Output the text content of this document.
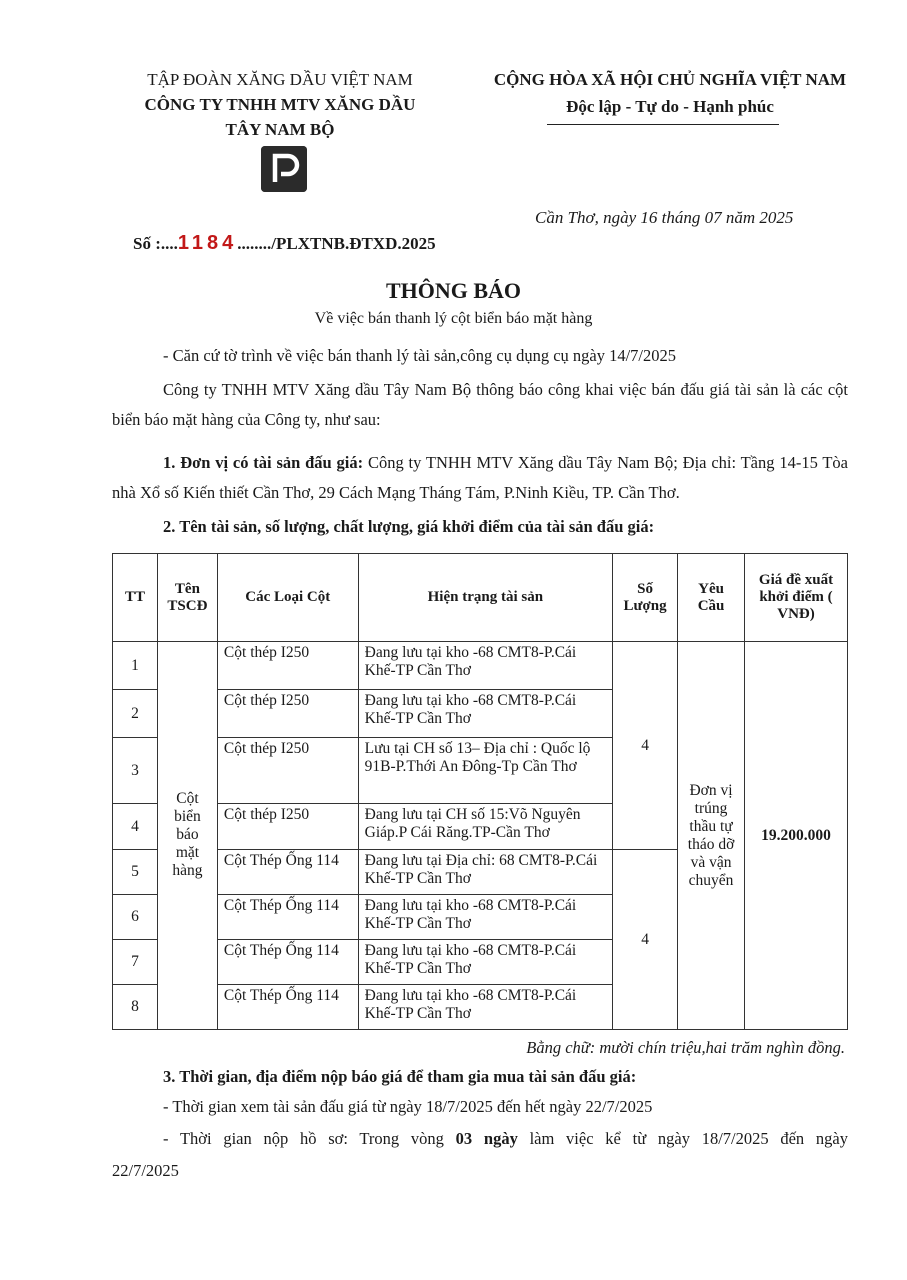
TẬP ĐOÀN XĂNG DẦU VIỆT NAM
CÔNG TY TNHH MTV XĂNG DẦU
TÂY NAM BỘ
CỘNG HÒA XÃ HỘI CHỦ NGHĨA VIỆT NAM
Độc lập - Tự do - Hạnh phúc
Số :....1184......../PLXTNB.ĐTXD.2025
Cần Thơ, ngày 16 tháng 07 năm 2025
THÔNG BÁO
Về việc bán thanh lý cột biển báo mặt hàng
- Căn cứ tờ trình về việc bán thanh lý tài sản,công cụ dụng cụ ngày 14/7/2025
Công ty TNHH MTV Xăng dầu Tây Nam Bộ thông báo công khai việc bán đấu giá tài sản là các cột biển báo mặt hàng của Công ty, như sau:
1. Đơn vị có tài sản đấu giá: Công ty TNHH MTV Xăng dầu Tây Nam Bộ; Địa chỉ: Tầng 14-15 Tòa nhà Xổ số Kiến thiết Cần Thơ, 29 Cách Mạng Tháng Tám, P.Ninh Kiều, TP. Cần Thơ.
2. Tên tài sản, số lượng, chất lượng, giá khởi điểm của tài sản đấu giá:
TT	Tên TSCĐ	Các Loại Cột	Hiện trạng tài sản	Số Lượng	Yêu Cầu	Giá đề xuất khởi điểm ( VNĐ)
1	Cột biển báo mặt hàng	Cột thép I250	Đang lưu tại kho -68 CMT8-P.Cái Khế-TP Cần Thơ	4	Đơn vị trúng thầu tự tháo dỡ và vận chuyển	19.200.000
2		Cột thép I250	Đang lưu tại kho -68 CMT8-P.Cái Khế-TP Cần Thơ			
3		Cột thép I250	Lưu tại CH số 13– Địa chỉ : Quốc lộ 91B-P.Thới An Đông-Tp Cần Thơ			
4		Cột thép I250	Đang lưu tại CH số 15:Võ Nguyên Giáp.P Cái Răng.TP-Cần Thơ			
5		Cột Thép Ống 114	Đang lưu tại Địa chỉ: 68 CMT8-P.Cái Khế-TP Cần Thơ	4		
6		Cột Thép Ống 114	Đang lưu tại kho -68 CMT8-P.Cái Khế-TP Cần Thơ			
7		Cột Thép Ống 114	Đang lưu tại kho -68 CMT8-P.Cái Khế-TP Cần Thơ			
8		Cột Thép Ống 114	Đang lưu tại kho -68 CMT8-P.Cái Khế-TP Cần Thơ			
Bằng chữ: mười chín triệu,hai trăm nghìn đồng.
3. Thời gian, địa điểm nộp báo giá để tham gia mua tài sản đấu giá:
- Thời gian xem tài sản đấu giá từ ngày 18/7/2025 đến hết ngày 22/7/2025
- Thời gian nộp hồ sơ: Trong vòng 03 ngày làm việc kể từ ngày 18/7/2025 đến ngày
22/7/2025
